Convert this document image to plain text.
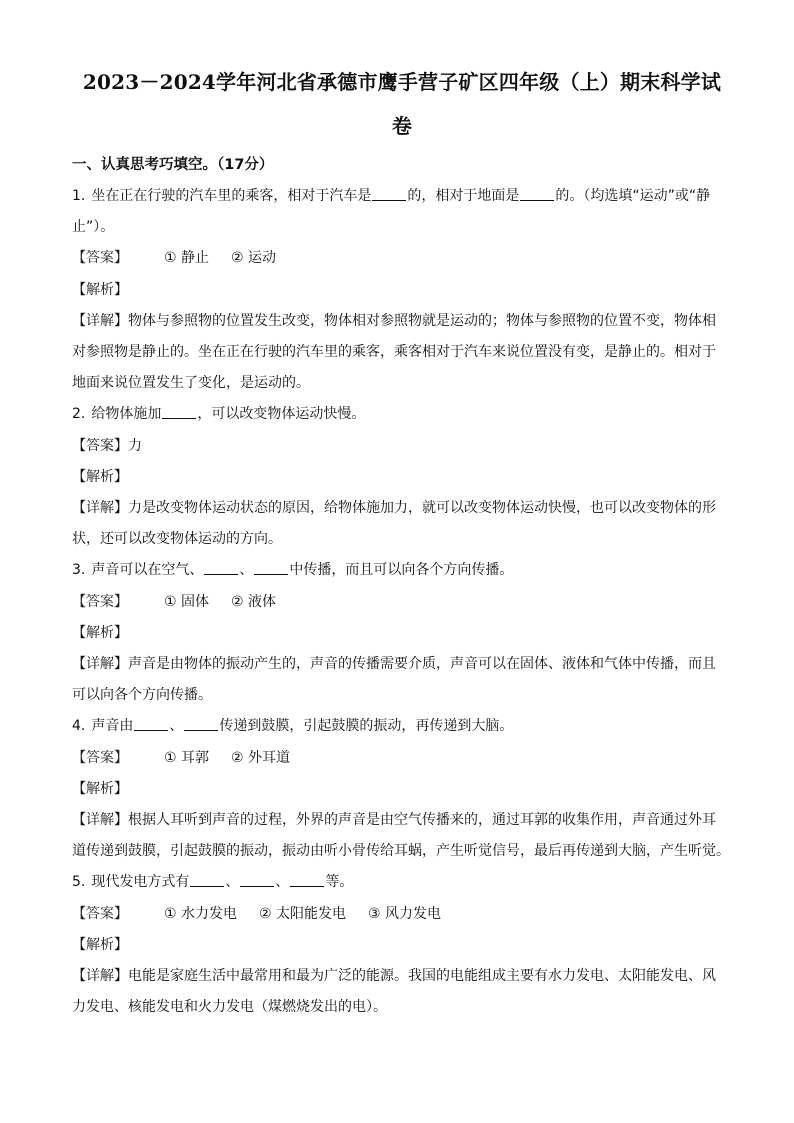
2023－2024学年河北省承德市鹰手营子矿区四年级（上）期末科学试
卷
一、认真思考巧填空。（17分）

1. 坐在正在行驶的汽车里的乘客，相对于汽车是	的，相对于地面是	的。（均选填“运动”或“静

止”）。

【答案】	①
静止 ②
运动

【解析】

【详解】物体与参照物的位置发生改变，物体相对参照物就是运动的；物体与参照物的位置不变，物体相

对参照物是静止的。坐在正在行驶的汽车里的乘客，乘客相对于汽车来说位置没有变，是静止的。相对于

地面来说位置发生了变化，是运动的。

2. 给物体施加	，可以改变物体运动快慢。

【答案】力

【解析】

【详解】力是改变物体运动状态的原因，给物体施加力，就可以改变物体运动快慢，也可以改变物体的形

状，还可以改变物体运动的方向。

3. 声音可以在空气、	、	中传播，而且可以向各个方向传播。

【答案】	①
固体 ②
液体

【解析】

【详解】声音是由物体的振动产生的，声音的传播需要介质，声音可以在固体、液体和气体中传播，而且

可以向各个方向传播。

4. 声音由	、	传递到鼓膜，引起鼓膜的振动，再传递到大脑。

【答案】	①
耳郭 ②
外耳道

【解析】

【详解】根据人耳听到声音的过程，外界的声音是由空气传播来的，通过耳郭的收集作用，声音通过外耳

道传递到鼓膜，引起鼓膜的振动，振动由听小骨传给耳蜗，产生听觉信号，最后再传递到大脑，产生听觉。

5. 现代发电方式有	、	、	等。

【答案】	①
水力发电 ②
太阳能发电 ③
风力发电

【解析】

【详解】电能是家庭生活中最常用和最为广泛的能源。我国的电能组成主要有水力发电、太阳能发电、风

力发电、核能发电和火力发电（煤燃烧发出的电）。
